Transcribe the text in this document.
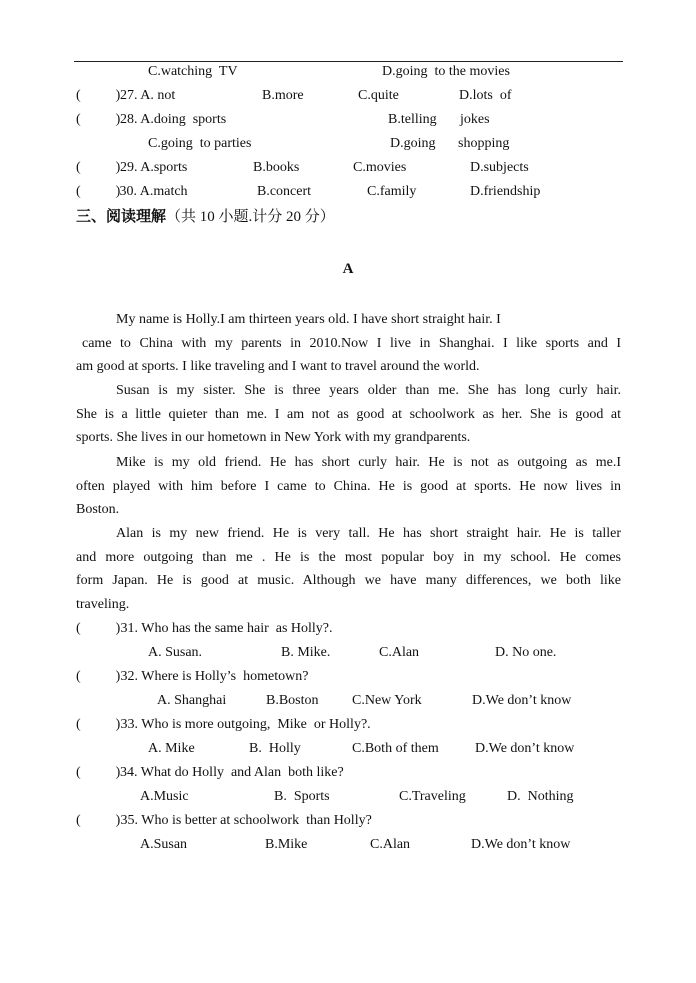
C.watching  TV	D.going  to the movies
(          ) 27. A. not	B.more	C.quite	D.lots  of
(          ) 28. A.doing  sports	B.telling jokes
C.going  to parties	D.going shopping
(          ) 29. A.sports	B.books	C.movies	D.subjects
(          )
30. A.match	B.concert	C.family	D.friendship
三、阅读理解（共 10 小题.计分 20 分）
A
My name is Holly.I am thirteen years old. I have short straight hair. I
came to China with my parents in 2010.Now I live in Shanghai. I like sports and I
am good at sports. I like traveling and I want to travel around the world.
Susan is my sister. She is three years older than me. She has long curly hair.
She is a little quieter than me. I am not as good at schoolwork as her. She is good at
sports. She lives in our hometown in New York with my grandparents.
Mike is my old friend. He has short curly hair. He is not as outgoing as me.I
often played with him before I came to China. He is good at sports. He now lives in
Boston.
Alan is my new friend. He is very tall. He has short straight hair. He is taller
and more outgoing than me . He is the most popular boy in my school. He comes
form Japan. He is good at music. Although we have many differences, we both like
traveling.
(          )
31. Who has the same hair  as Holly?.
A. Susan.	B. Mike.	C.Alan	D. No one.
(          )
32. Where is Holly’s  hometown?
A. Shanghai	B.Boston C.New York	D.We don’t know
(          )
33. Who is more outgoing,  Mike  or Holly?.
A. Mike	B.  Holly	C.Both of them	D.We don’t know
(          ) 34. What do Holly  and Alan  both like?
A.Music	B.  Sports	C.Traveling	D.  Nothing
(          )
35. Who is better at schoolwork  than Holly?
A.Susan	B.Mike	C.Alan	D.We don’t know
